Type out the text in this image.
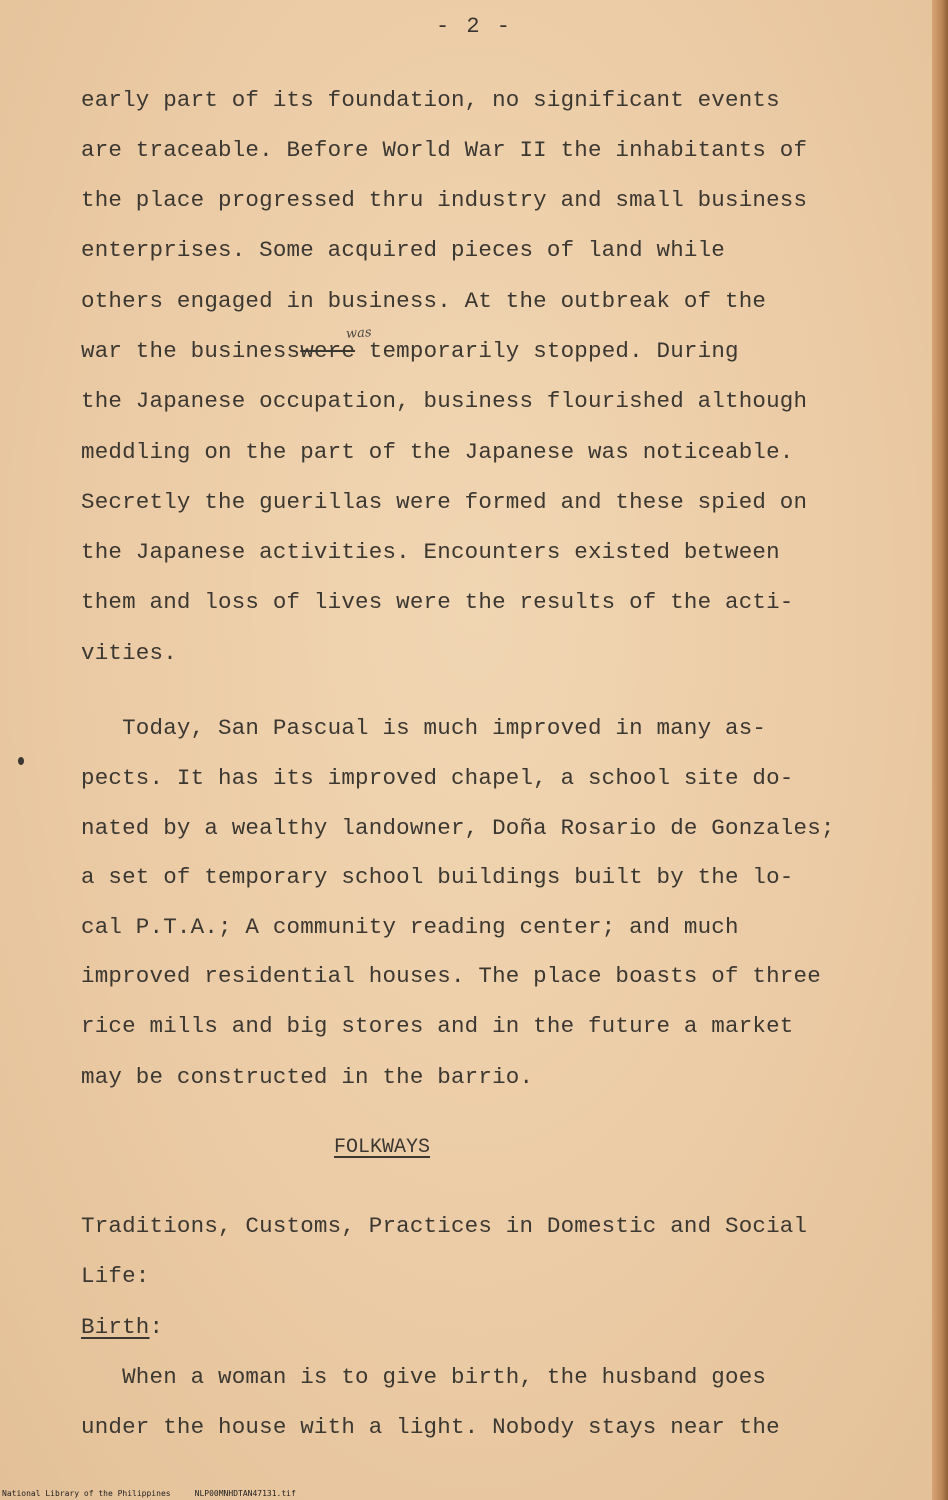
- 2 -
early part of its foundation, no significant events
are traceable. Before World War II the inhabitants of
the place progressed thru industry and small business
enterprises. Some acquired pieces of land while
others engaged in business. At the outbreak of the
was
war the businesswere temporarily stopped. During
the Japanese occupation, business flourished although
meddling on the part of the Japanese was noticeable.
Secretly the guerillas were formed and these spied on
the Japanese activities. Encounters existed between
them and loss of lives were the results of the acti-
vities.
Today, San Pascual is much improved in many as-
pects. It has its improved chapel, a school site do-
nated by a wealthy landowner, Doña Rosario de Gonzales;
a set of temporary school buildings built by the lo-
cal P.T.A.; A community reading center; and much
improved residential houses. The place boasts of three
rice mills and big stores and in the future a market
may be constructed in the barrio.
FOLKWAYS
Traditions, Customs, Practices in Domestic and Social
Life:
Birth:
When a woman is to give birth, the husband goes
under the house with a light. Nobody stays near the
National Library of the Philippines     NLP00MNHDTAN47131.tif
